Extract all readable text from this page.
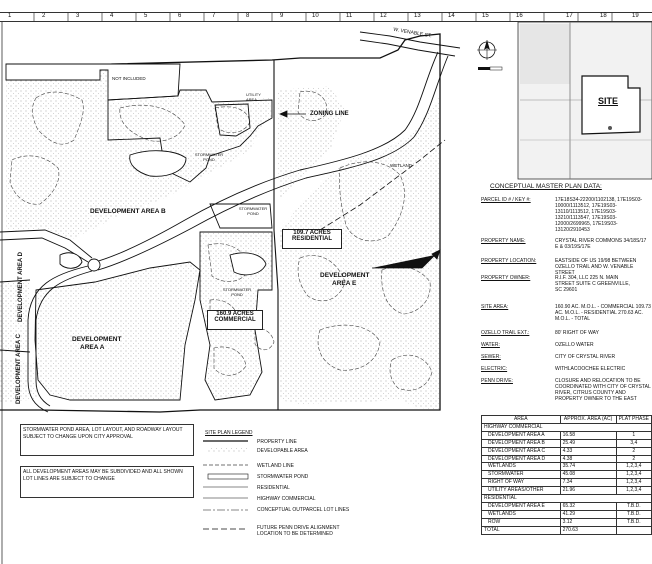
1	2	3	4	5	6	7	8	9	10	11	12	13	14	15	16	17	18	19
W. VENABLE ST.
NOT INCLUDED
UTILITY AREA
ZONING LINE
STORMWATER POND
STORMWATER POND
STORMWATER POND
DEVELOPMENT AREA B
DEVELOPMENT
AREA A
DEVELOPMENT AREA D
DEVELOPMENT AREA C
DEVELOPMENT
AREA E
WETLAND
109.7 ACRES
RESIDENTIAL
160.9 ACRES
COMMERCIAL
SITE
STORMWATER POND AREA, LOT LAYOUT, AND ROADWAY LAYOUT SUBJECT TO CHANGE UPON CITY APPROVAL
ALL DEVELOPMENT AREAS MAY BE SUBDIVIDED AND ALL SHOWN LOT LINES ARE SUBJECT TO CHANGE
SITE PLAN LEGEND
PROPERTY LINE
DEVELOPABLE AREA
WETLAND LINE
STORMWATER POND
RESIDENTIAL
HIGHWAY COMMERCIAL
CONCEPTUAL OUTPARCEL LOT LINES
FUTURE PENN DRIVE ALIGNMENT LOCATION TO BE DETERMINED
CONCEPTUAL MASTER PLAN DATA:
PARCEL ID # / KEY #:	17E18S34-22200/1102138, 17E19S03-10000/1113512, 17E19S03-13110/1113512, 17E19S03-13210/1113547, 17E19S03-12000/2699965, 17E19S03-13120/2910453
PROPERTY NAME:	CRYSTAL RIVER COMMONS 34/18S/17 E & 03/19S/17E
PROPERTY LOCATION:	EASTSIDE OF US 19/98 BETWEEN OZELLO TRAIL AND W. VENABLE STREET
PROPERTY OWNER:	R.I.F. 304, LLC 225 N. MAIN STREET SUITE C GREENVILLE, SC 29601
SITE AREA:	160.90 AC. M.O.L. - COMMERCIAL 109.73 AC. M.O.L. - RESIDENTIAL 270.63 AC. M.O.L. - TOTAL
OZELLO TRAIL EXT.:	80' RIGHT OF WAY
WATER:	OZELLO WATER
SEWER:	CITY OF CRYSTAL RIVER
ELECTRIC:	WITHLACOOCHEE ELECTRIC
PENN DRIVE:	CLOSURE AND RELOCATION TO BE COORDINATED WITH CITY OF CRYSTAL RIVER, CITRUS COUNTY AND PROPERTY OWNER TO THE EAST
AREA	APPROX. AREA (AC)	PLAT PHASE
HIGHWAY COMMERCIAL		
DEVELOPMENT AREA A	16.58	1
DEVELOPMENT AREA B	25.49	3,4
DEVELOPMENT AREA C	4.33	2
DEVELOPMENT AREA D	4.38	2
WETLANDS	35.74	1,2,3,4
STORMWATER	45.08	1,2,3,4
RIGHT OF WAY	7.34	1,2,3,4
UTILITY AREAS/OTHER	21.96	1,2,3,4
RESIDENTIAL		
DEVELOPMENT AREA E	65.32	T.B.D.
WETLANDS	41.29	T.B.D.
ROW	3.12	T.B.D.
TOTAL	270.63	
